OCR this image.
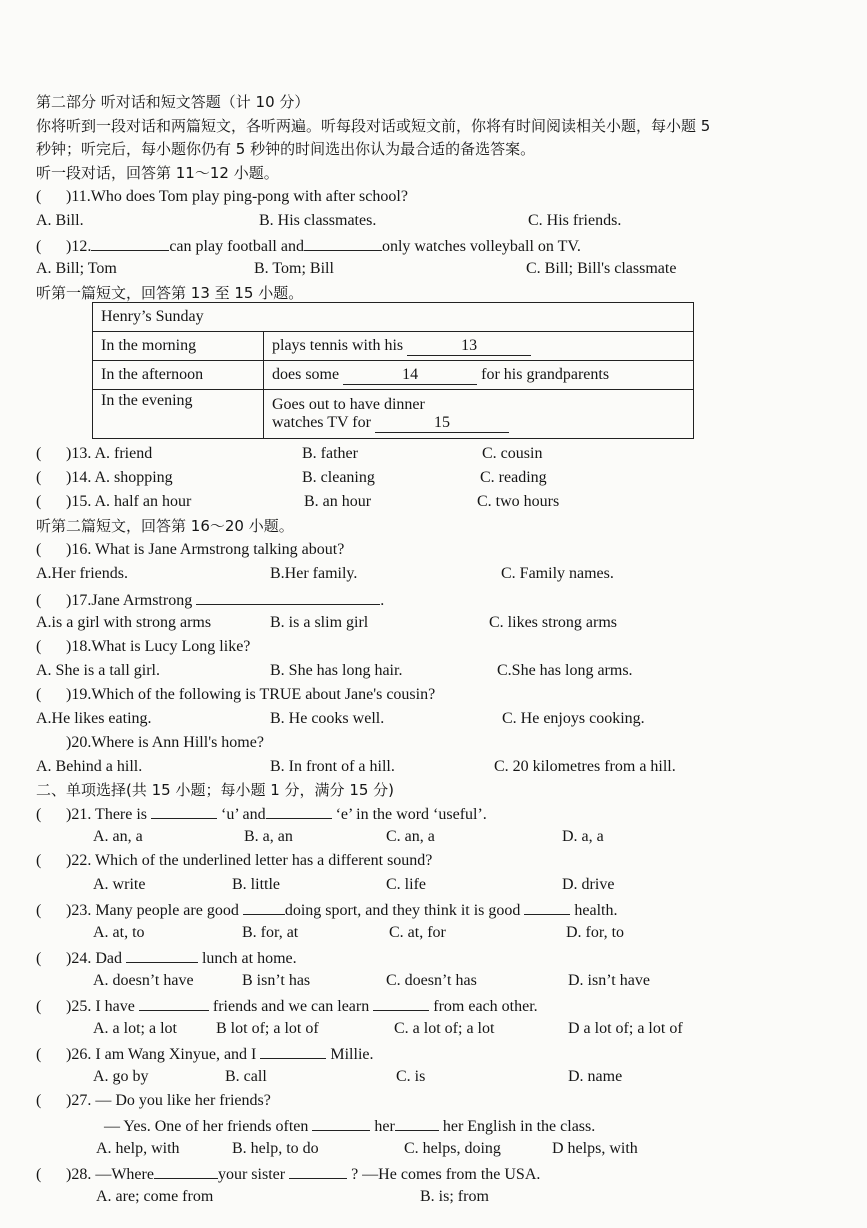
第二部分 听对话和短文答题（计 10 分）
你将听到一段对话和两篇短文，各听两遍。听每段对话或短文前，你将有时间阅读相关小题，每小题 5
秒钟；听完后，每小题你仍有 5 秒钟的时间选出你认为最合适的备选答案。
听一段对话，回答第 11～12 小题。
( )11.Who does Tom play ping-pong with after school?
A. Bill.	B. His classmates.	C. His friends.
( )12.	can play football and	only watches volleyball on TV.
A. Bill; Tom	B. Tom; Bill	C. Bill; Bill's classmate
听第一篇短文，回答第 13 至 15 小题。
Henry’s Sunday	
In the morning	plays tennis with his 13
In the afternoon	does some 14 for his grandparents
In the evening	Goes out to have dinner
watches TV for 15
( )13. A. friend	B. father	C. cousin
( )14. A. shopping	B. cleaning	C. reading
( )15. A. half an hour	B. an hour	C. two hours
听第二篇短文，回答第 16～20 小题。
( )16. What is Jane Armstrong talking about?
A.Her friends.	B.Her family.	C. Family names.
( )17.Jane Armstrong	.
A.is a girl with strong arms	B. is a slim girl	C. likes strong arms
( )18.What is Lucy Long like?
A. She is a tall girl.	B. She has long hair.	C.She has long arms.
( )19.Which of the following is TRUE about Jane's cousin?
A.He likes eating.	B. He cooks well.	C. He enjoys cooking.
)20.Where is Ann Hill's home?
A. Behind a hill.	B. In front of a hill.	C. 20 kilometres from a hill.
二、单项选择(共 15 小题；每小题 1 分，满分 15 分)
( )21. There is	‘u’ and	‘e’ in the word ‘useful’.
A. an, a	B. a, an	C. an, a	D. a, a
( )22. Which of the underlined letter has a different sound?
A. write	B. little	C. life	D. drive
( )23. Many people are good	doing sport, and they think it is good	health.
A. at, to	B. for, at	C. at, for	D. for, to
( )24. Dad	lunch at home.
A. doesn’t have	B isn’t has	C. doesn’t has	D. isn’t have
( )25. I have	friends and we can learn	from each other.
A. a lot; a lot B lot of; a lot of	C. a lot of; a lot	D a lot of; a lot of
( )26. I am Wang Xinyue, and I	Millie.
A. go by	B. call	C. is	D. name
( )27. — Do you like her friends?
— Yes. One of her friends often	her	her English in the class.
A. help, with	B. help, to do	C. helps, doing	D helps, with
( )28. —Where	your sister	? —He comes from the USA.
A. are; come from	B. is; from
